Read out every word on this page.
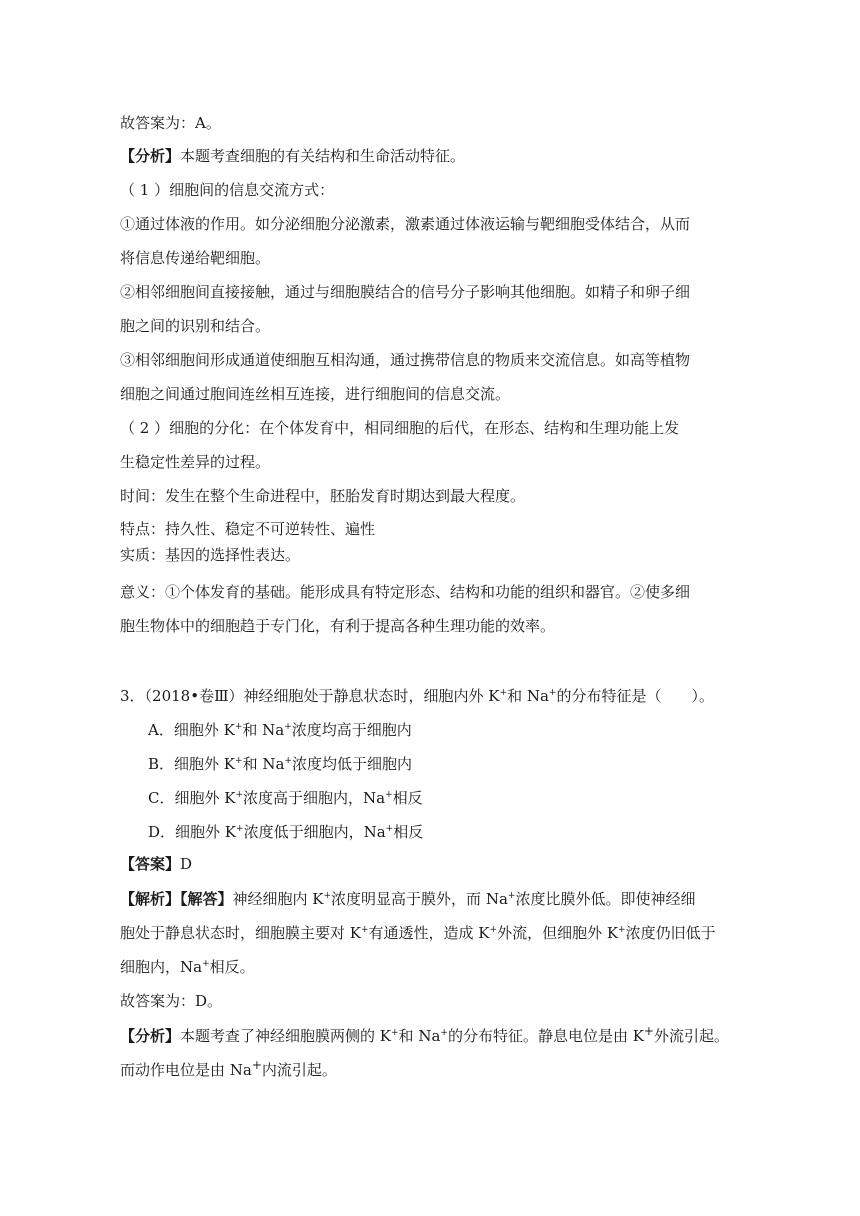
故答案为：A。

【分析】本题考查细胞的有关结构和生命活动特征。

（ 1 ）细胞间的信息交流方式：

①通过体液的作用。如分泌细胞分泌激素，激素通过体液运输与靶细胞受体结合，从而

将信息传递给靶细胞。

②相邻细胞间直接接触，通过与细胞膜结合的信号分子影响其他细胞。如精子和卵子细

胞之间的识别和结合。

③相邻细胞间形成通道使细胞互相沟通，通过携带信息的物质来交流信息。如高等植物

细胞之间通过胞间连丝相互连接，进行细胞间的信息交流。

（ 2 ）细胞的分化：在个体发育中，相同细胞的后代，在形态、结构和生理功能上发

生稳定性差异的过程。

时间：发生在整个生命进程中，胚胎发育时期达到最大程度。

特点：持久性、稳定不可逆转性、遍性

实质：基因的选择性表达。

意义：①个体发育的基础。能形成具有特定形态、结构和功能的组织和器官。②使多细

胞生物体中的细胞趋于专门化，有利于提高各种生理功能的效率。

3．（2018•卷Ⅲ）神经细胞处于静息状态时，细胞内外 K+和 Na+的分布特征是（　　）。

A．细胞外 K+和 Na+浓度均高于细胞内

B．细胞外 K+和 Na+浓度均低于细胞内

C．细胞外 K+浓度高于细胞内，Na+相反

D．细胞外 K+浓度低于细胞内，Na+相反

【答案】D

【解析】【解答】神经细胞内 K+浓度明显高于膜外，而 Na+浓度比膜外低。即使神经细

胞处于静息状态时，细胞膜主要对 K+有通透性，造成 K+外流，但细胞外 K+浓度仍旧低于

细胞内，Na+相反。

故答案为：D。

【分析】本题考查了神经细胞膜两侧的 K+和 Na+的分布特征。静息电位是由 K+外流引起。

而动作电位是由 Na+内流引起。
